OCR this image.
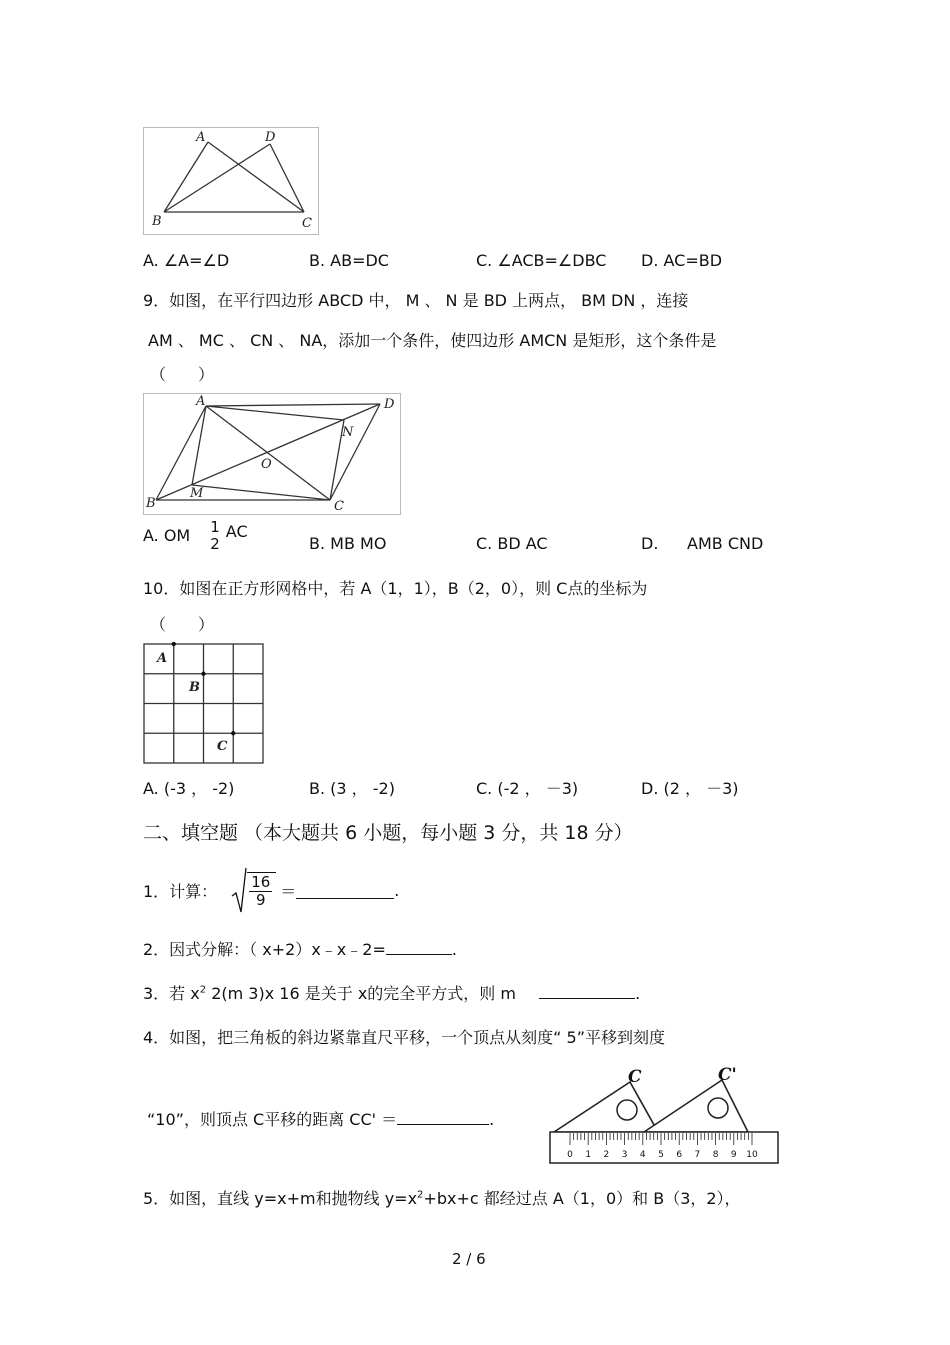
A	D
B	C
A. ∠A=∠D	B. AB=DC	C. ∠ACB=∠DBC D. AC=BD
9．如图，在平行四边形 ABCD 中， M 、 N 是 BD 上两点， BM DN ，连接
AM 、 MC 、 CN 、 NA，添加一个条件，使四边形 AMCN 是矩形，这个条件是
（　　）
A	D
N
O
B
M
C
A. OM 1
2
AC
B. MB MO	C. BD AC	D. AMB CND
10．如图在正方形网格中，若 A（1，1），B（2，0），则 C点的坐标为
（　　）
A
B
C
A. (-3 ， -2)	B. (3 ， -2)	C. (-2 ， －3)	D. (2 ， －3)
二、填空题 （本大题共 6 小题，每小题 3 分，共 18 分）
1．计算： $\frac{16}{9}$ ＝	.
2．因式分解：（ x+2）x﹣x﹣2=	.
3．若 $x^2$ 2(m 3)x 16 是关于 x的完全平方式，则 m	.
4．如图，把三角板的斜边紧靠直尺平移，一个顶点从刻度“ 5”平移到刻度
“10”，则顶点 C平移的距离 CC' ＝	.
0 1 2 3 4 5 6 7 8 9 10
C	C'
5．如图，直线 y=x+m和抛物线 $y=x^2+bx+c$ 都经过点 A（1，0）和 B（3，2），
2 / 6
